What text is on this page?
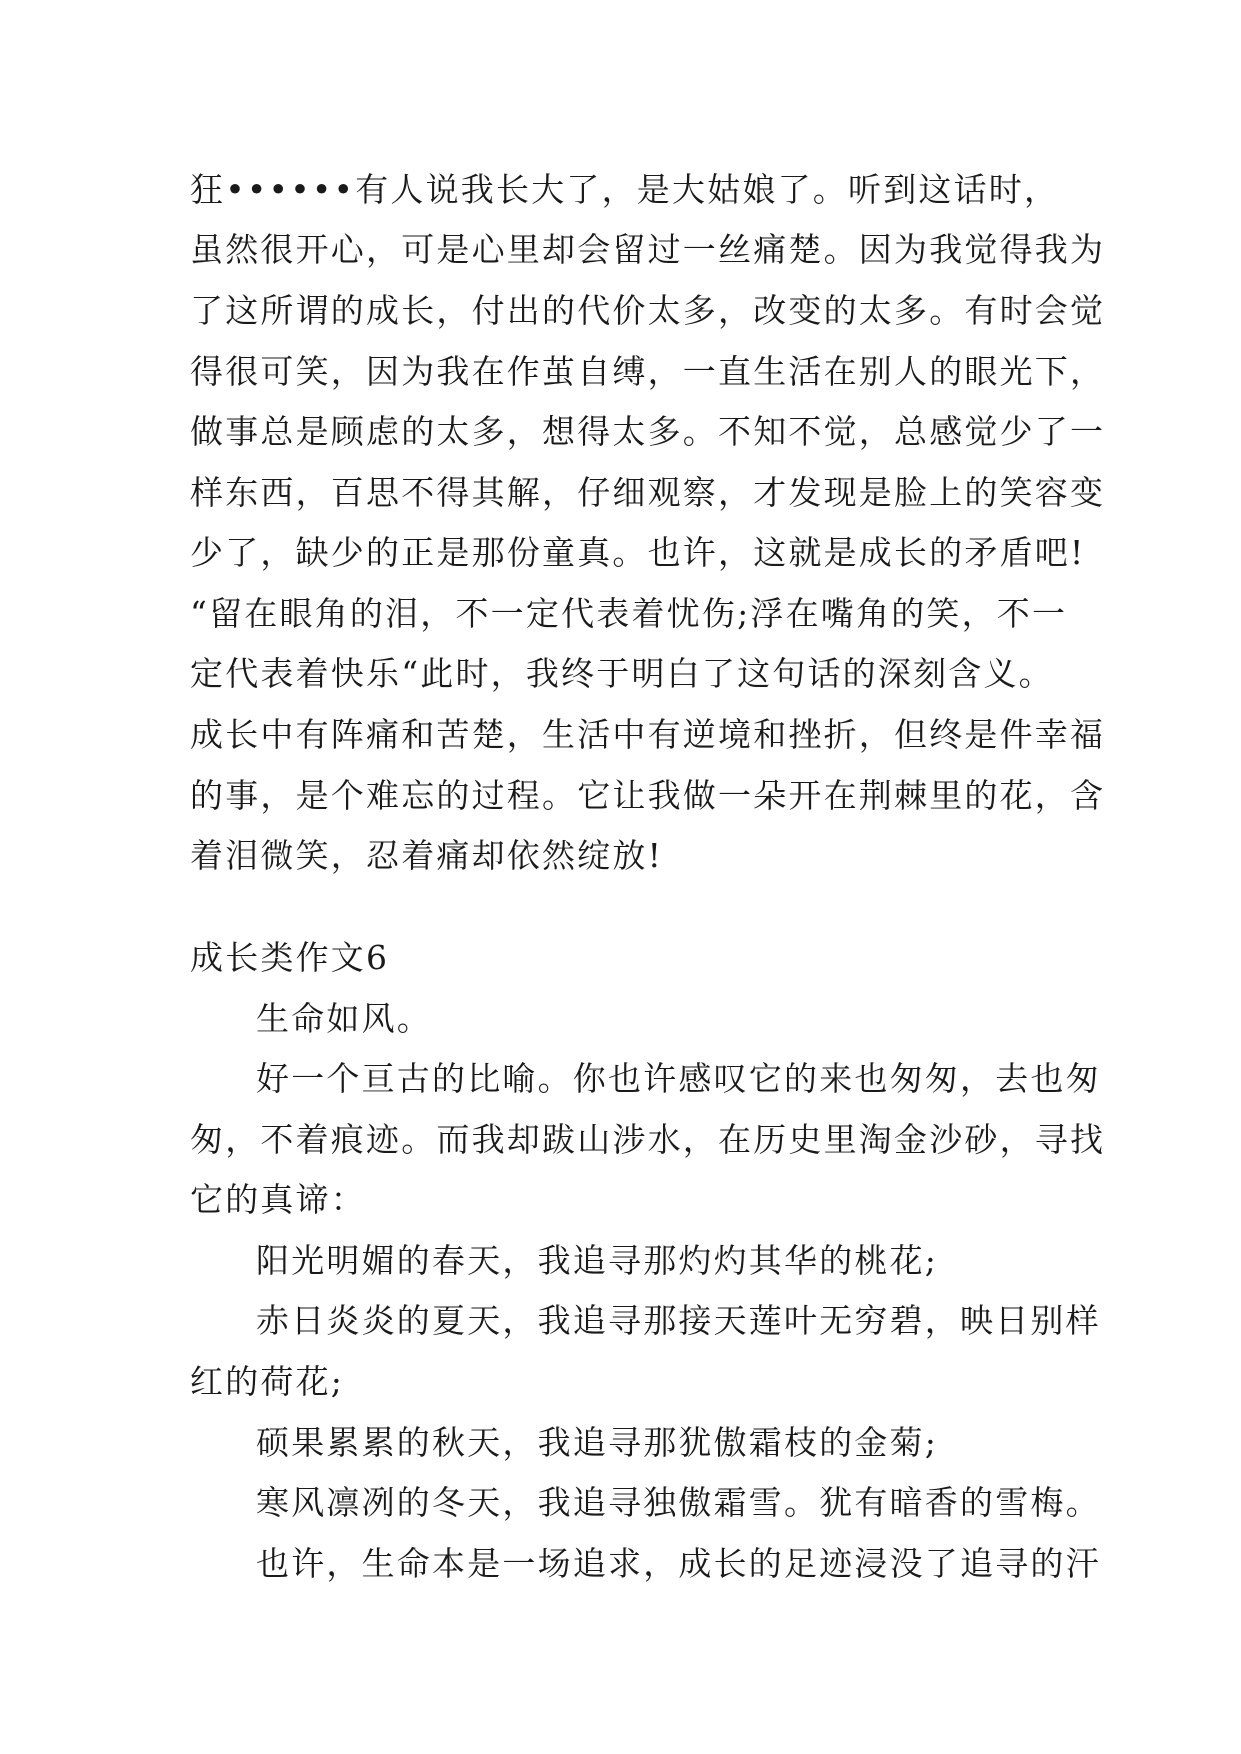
狂••••••有人说我长大了，是大姑娘了。听到这话时，
虽然很开心，可是心里却会留过一丝痛楚。因为我觉得我为
了这所谓的成长，付出的代价太多，改变的太多。有时会觉
得很可笑，因为我在作茧自缚，一直生活在别人的眼光下，
做事总是顾虑的太多，想得太多。不知不觉，总感觉少了一
样东西，百思不得其解，仔细观察，才发现是脸上的笑容变
少了，缺少的正是那份童真。也许，这就是成长的矛盾吧!
“留在眼角的泪，不一定代表着忧伤;浮在嘴角的笑，不一
定代表着快乐“此时，我终于明白了这句话的深刻含义。
成长中有阵痛和苦楚，生活中有逆境和挫折，但终是件幸福
的事，是个难忘的过程。它让我做一朵开在荆棘里的花，含
着泪微笑，忍着痛却依然绽放!
成长类作文6
生命如风。
好一个亘古的比喻。你也许感叹它的来也匆匆，去也匆
匆，不着痕迹。而我却跋山涉水，在历史里淘金沙砂，寻找
它的真谛：
阳光明媚的春天，我追寻那灼灼其华的桃花;
赤日炎炎的夏天，我追寻那接天莲叶无穷碧，映日别样
红的荷花;
硕果累累的秋天，我追寻那犹傲霜枝的金菊;
寒风凛冽的冬天，我追寻独傲霜雪。犹有暗香的雪梅。
也许，生命本是一场追求，成长的足迹浸没了追寻的汗
